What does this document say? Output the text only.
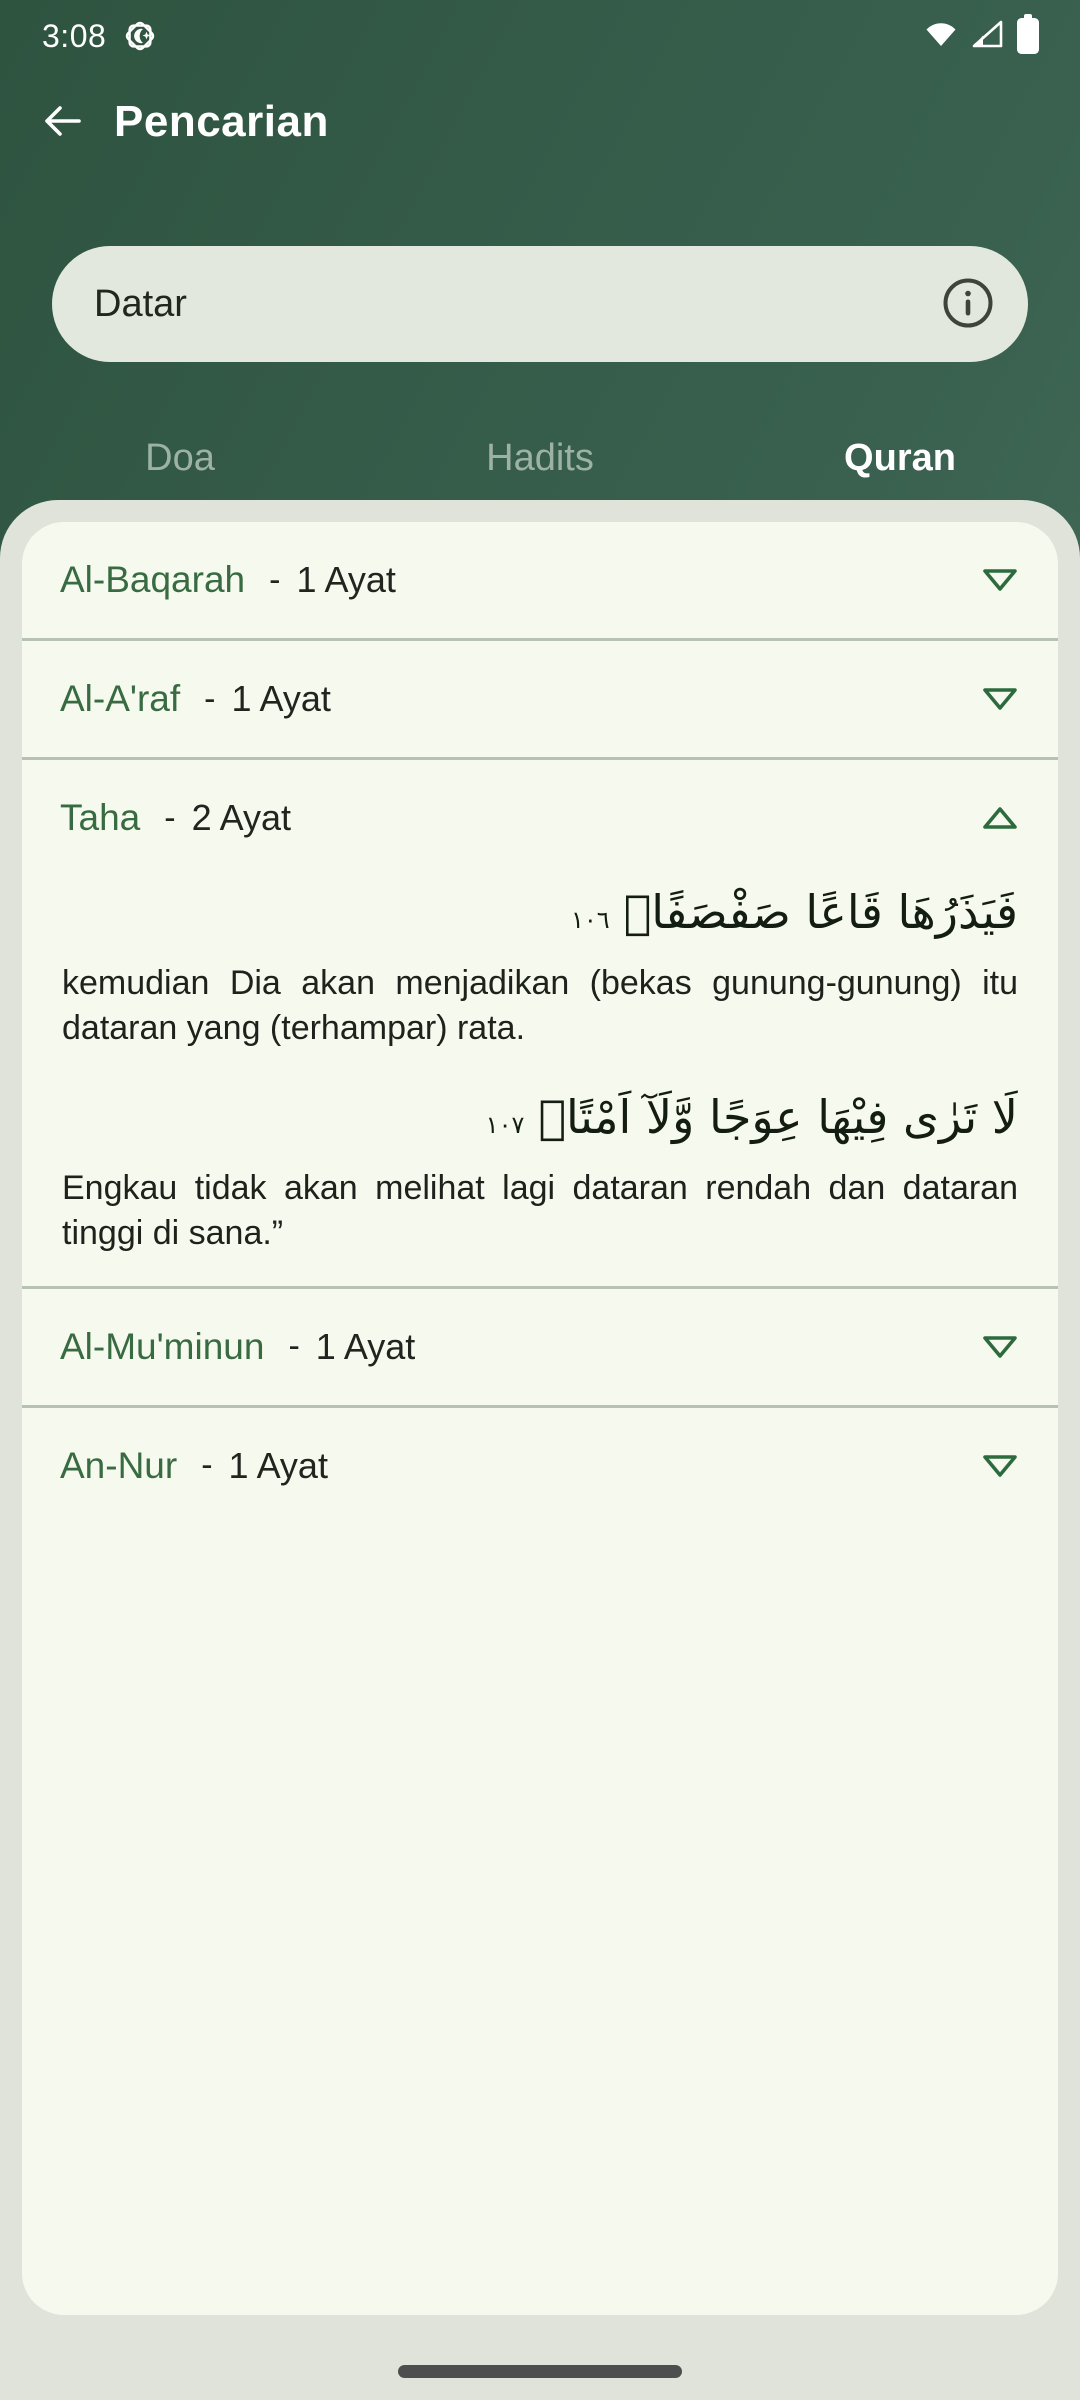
3:08
Pencarian
Datar
Doa	Hadits	Quran
Al-Baqarah - 1 Ayat
Al-A'raf - 1 Ayat
Taha - 2 Ayat
فَيَذَرُهَا قَاعًا صَفْصَفًاۙ١٠٦

kemudian Dia akan menjadikan (bekas gunung-gunung) itu dataran yang (terhampar) rata.

لَا تَرٰى فِيْهَا عِوَجًا وَّلَآ اَمْتًاۗ١٠٧

Engkau tidak akan melihat lagi dataran rendah dan dataran tinggi di sana.”

Al-Mu'minun - 1 Ayat
An-Nur - 1 Ayat
